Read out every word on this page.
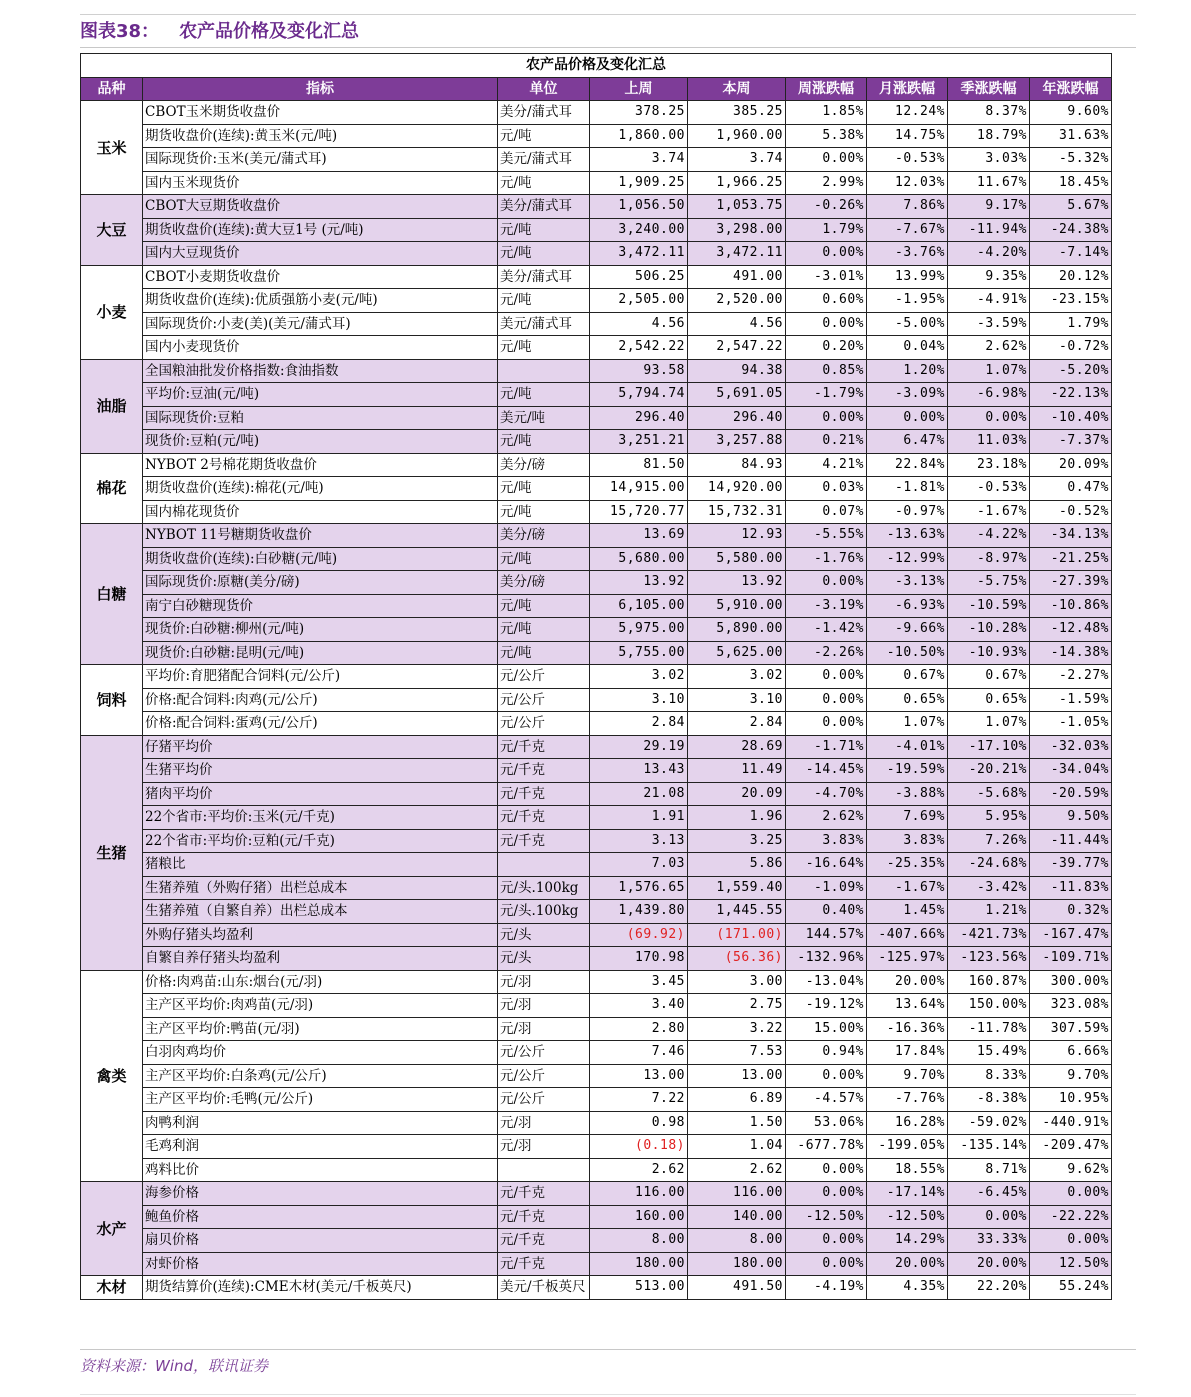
图表38： 农产品价格及变化汇总
农产品价格及变化汇总								
品种	指标	单位	上周	本周	周涨跌幅	月涨跌幅	季涨跌幅	年涨跌幅
玉米	CBOT玉米期货收盘价	美分/蒲式耳	378.25	385.25	1.85%	12.24%	8.37%	9.60%
	期货收盘价(连续):黄玉米(元/吨)	元/吨	1,860.00	1,960.00	5.38%	14.75%	18.79%	31.63%
	国际现货价:玉米(美元/蒲式耳)	美元/蒲式耳	3.74	3.74	0.00%	-0.53%	3.03%	-5.32%
	国内玉米现货价	元/吨	1,909.25	1,966.25	2.99%	12.03%	11.67%	18.45%
大豆	CBOT大豆期货收盘价	美分/蒲式耳	1,056.50	1,053.75	-0.26%	7.86%	9.17%	5.67%
	期货收盘价(连续):黄大豆1号 (元/吨)	元/吨	3,240.00	3,298.00	1.79%	-7.67%	-11.94%	-24.38%
	国内大豆现货价	元/吨	3,472.11	3,472.11	0.00%	-3.76%	-4.20%	-7.14%
小麦	CBOT小麦期货收盘价	美分/蒲式耳	506.25	491.00	-3.01%	13.99%	9.35%	20.12%
	期货收盘价(连续):优质强筋小麦(元/吨)	元/吨	2,505.00	2,520.00	0.60%	-1.95%	-4.91%	-23.15%
	国际现货价:小麦(美)(美元/蒲式耳)	美元/蒲式耳	4.56	4.56	0.00%	-5.00%	-3.59%	1.79%
	国内小麦现货价	元/吨	2,542.22	2,547.22	0.20%	0.04%	2.62%	-0.72%
油脂	全国粮油批发价格指数:食油指数		93.58	94.38	0.85%	1.20%	1.07%	-5.20%
	平均价:豆油(元/吨)	元/吨	5,794.74	5,691.05	-1.79%	-3.09%	-6.98%	-22.13%
	国际现货价:豆粕	美元/吨	296.40	296.40	0.00%	0.00%	0.00%	-10.40%
	现货价:豆粕(元/吨)	元/吨	3,251.21	3,257.88	0.21%	6.47%	11.03%	-7.37%
棉花	NYBOT 2号棉花期货收盘价	美分/磅	81.50	84.93	4.21%	22.84%	23.18%	20.09%
	期货收盘价(连续):棉花(元/吨)	元/吨	14,915.00	14,920.00	0.03%	-1.81%	-0.53%	0.47%
	国内棉花现货价	元/吨	15,720.77	15,732.31	0.07%	-0.97%	-1.67%	-0.52%
白糖	NYBOT 11号糖期货收盘价	美分/磅	13.69	12.93	-5.55%	-13.63%	-4.22%	-34.13%
	期货收盘价(连续):白砂糖(元/吨)	元/吨	5,680.00	5,580.00	-1.76%	-12.99%	-8.97%	-21.25%
	国际现货价:原糖(美分/磅)	美分/磅	13.92	13.92	0.00%	-3.13%	-5.75%	-27.39%
	南宁白砂糖现货价	元/吨	6,105.00	5,910.00	-3.19%	-6.93%	-10.59%	-10.86%
	现货价:白砂糖:柳州(元/吨)	元/吨	5,975.00	5,890.00	-1.42%	-9.66%	-10.28%	-12.48%
	现货价:白砂糖:昆明(元/吨)	元/吨	5,755.00	5,625.00	-2.26%	-10.50%	-10.93%	-14.38%
饲料	平均价:育肥猪配合饲料(元/公斤)	元/公斤	3.02	3.02	0.00%	0.67%	0.67%	-2.27%
	价格:配合饲料:肉鸡(元/公斤)	元/公斤	3.10	3.10	0.00%	0.65%	0.65%	-1.59%
	价格:配合饲料:蛋鸡(元/公斤)	元/公斤	2.84	2.84	0.00%	1.07%	1.07%	-1.05%
生猪	仔猪平均价	元/千克	29.19	28.69	-1.71%	-4.01%	-17.10%	-32.03%
	生猪平均价	元/千克	13.43	11.49	-14.45%	-19.59%	-20.21%	-34.04%
	猪肉平均价	元/千克	21.08	20.09	-4.70%	-3.88%	-5.68%	-20.59%
	22个省市:平均价:玉米(元/千克)	元/千克	1.91	1.96	2.62%	7.69%	5.95%	9.50%
	22个省市:平均价:豆粕(元/千克)	元/千克	3.13	3.25	3.83%	3.83%	7.26%	-11.44%
	猪粮比		7.03	5.86	-16.64%	-25.35%	-24.68%	-39.77%
	生猪养殖（外购仔猪）出栏总成本	元/头.100kg	1,576.65	1,559.40	-1.09%	-1.67%	-3.42%	-11.83%
	生猪养殖（自繁自养）出栏总成本	元/头.100kg	1,439.80	1,445.55	0.40%	1.45%	1.21%	0.32%
	外购仔猪头均盈利	元/头	(69.92)	(171.00)	144.57%	-407.66%	-421.73%	-167.47%
	自繁自养仔猪头均盈利	元/头	170.98	(56.36)	-132.96%	-125.97%	-123.56%	-109.71%
禽类	价格:肉鸡苗:山东:烟台(元/羽)	元/羽	3.45	3.00	-13.04%	20.00%	160.87%	300.00%
	主产区平均价:肉鸡苗(元/羽)	元/羽	3.40	2.75	-19.12%	13.64%	150.00%	323.08%
	主产区平均价:鸭苗(元/羽)	元/羽	2.80	3.22	15.00%	-16.36%	-11.78%	307.59%
	白羽肉鸡均价	元/公斤	7.46	7.53	0.94%	17.84%	15.49%	6.66%
	主产区平均价:白条鸡(元/公斤)	元/公斤	13.00	13.00	0.00%	9.70%	8.33%	9.70%
	主产区平均价:毛鸭(元/公斤)	元/公斤	7.22	6.89	-4.57%	-7.76%	-8.38%	10.95%
	肉鸭利润	元/羽	0.98	1.50	53.06%	16.28%	-59.02%	-440.91%
	毛鸡利润	元/羽	(0.18)	1.04	-677.78%	-199.05%	-135.14%	-209.47%
	鸡料比价		2.62	2.62	0.00%	18.55%	8.71%	9.62%
水产	海参价格	元/千克	116.00	116.00	0.00%	-17.14%	-6.45%	0.00%
	鲍鱼价格	元/千克	160.00	140.00	-12.50%	-12.50%	0.00%	-22.22%
	扇贝价格	元/千克	8.00	8.00	0.00%	14.29%	33.33%	0.00%
	对虾价格	元/千克	180.00	180.00	0.00%	20.00%	20.00%	12.50%
木材	期货结算价(连续):CME木材(美元/千板英尺)	美元/千板英尺	513.00	491.50	-4.19%	4.35%	22.20%	55.24%
资料来源：Wind，联讯证券
